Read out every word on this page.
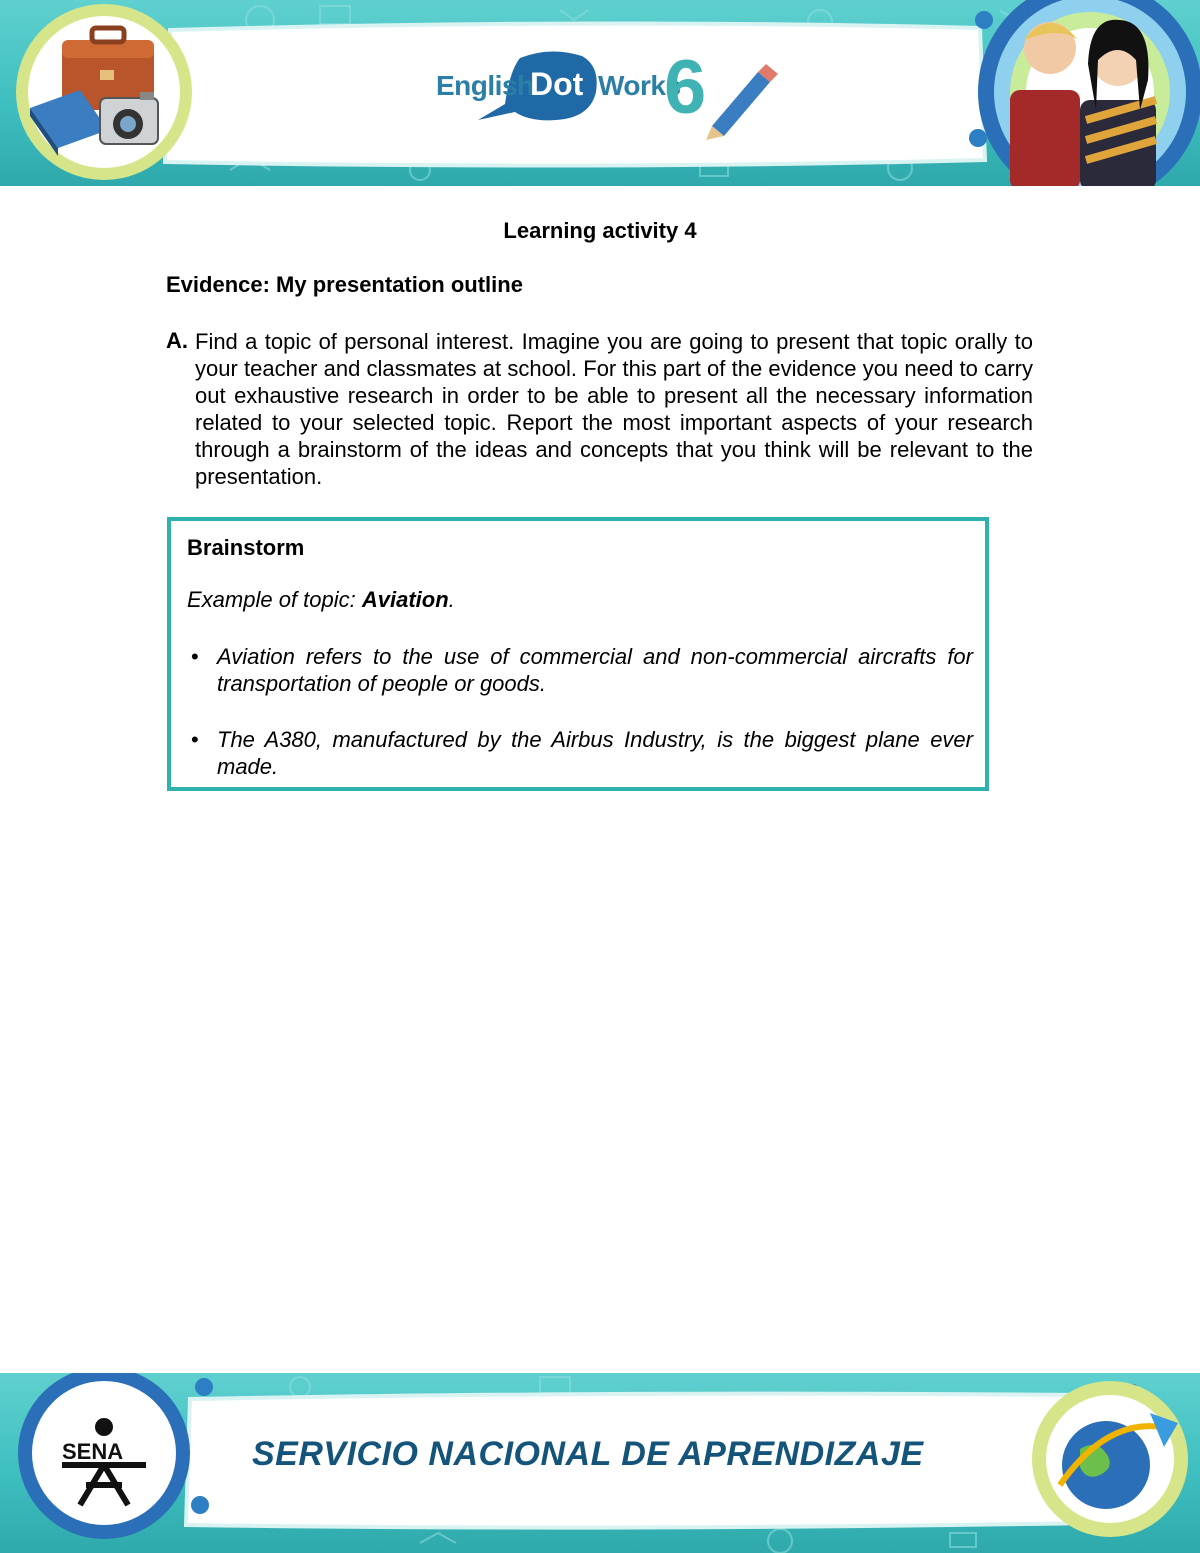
English
Dot Works
6
Learning activity 4
Evidence: My presentation outline
A. Find a topic of personal interest. Imagine you are going to present that topic orally to your teacher and classmates at school. For this part of the evidence you need to carry out exhaustive research in order to be able to present all the necessary information related to your selected topic. Report the most important aspects of your research through a brainstorm of the ideas and concepts that you think will be relevant to the presentation.
Brainstorm
Example of topic: Aviation.
• Aviation refers to the use of commercial and non-commercial aircrafts for transportation of people or goods.
• The A380, manufactured by the Airbus Industry, is the biggest plane ever made.
SENA	SERVICIO NACIONAL DE APRENDIZAJE
